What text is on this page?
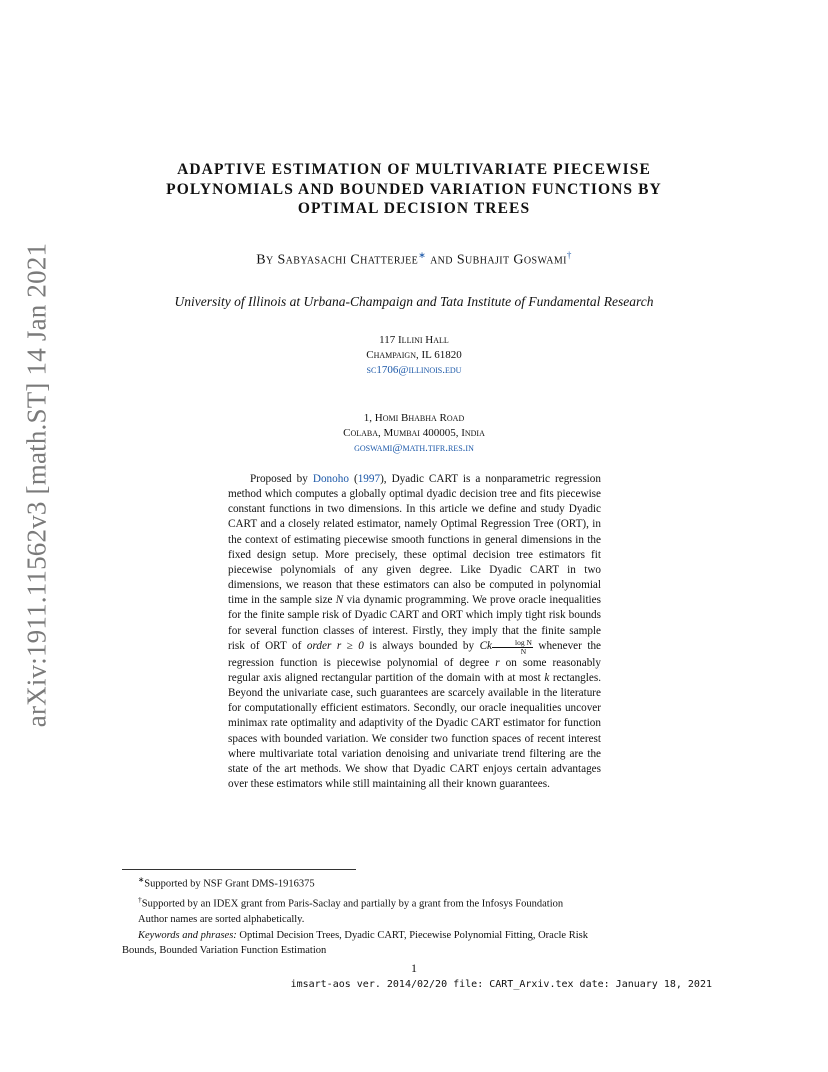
arXiv:1911.11562v3 [math.ST] 14 Jan 2021
ADAPTIVE ESTIMATION OF MULTIVARIATE PIECEWISE
POLYNOMIALS AND BOUNDED VARIATION FUNCTIONS BY
OPTIMAL DECISION TREES
By Sabyasachi Chatterjee∗ and Subhajit Goswami†
University of Illinois at Urbana-Champaign and Tata Institute of Fundamental Research
117 Illini Hall
Champaign, IL 61820
sc1706@illinois.edu
1, Homi Bhabha Road
Colaba, Mumbai 400005, India
goswami@math.tifr.res.in
Proposed by Donoho (1997), Dyadic CART is a nonparametric regression method which computes a globally optimal dyadic decision tree and fits piecewise constant functions in two dimensions. In this article we define and study Dyadic CART and a closely related estimator, namely Optimal Regression Tree (ORT), in the context of estimating piecewise smooth functions in general dimensions in the fixed design setup. More precisely, these optimal decision tree estimators fit piecewise polynomials of any given degree. Like Dyadic CART in two dimensions, we reason that these estimators can also be computed in polynomial time in the sample size N via dynamic programming. We prove oracle inequalities for the finite sample risk of Dyadic CART and ORT which imply tight risk bounds for several function classes of interest. Firstly, they imply that the finite sample risk of ORT of order r ≥ 0 is always bounded by Ck $\frac{\text{log N}}{N}$ whenever the regression function is piecewise polynomial of degree r on some reasonably regular axis aligned rectangular partition of the domain with at most k rectangles. Beyond the univariate case, such guarantees are scarcely available in the literature for computationally efficient estimators. Secondly, our oracle inequalities uncover minimax rate optimality and adaptivity of the Dyadic CART estimator for function spaces with bounded variation. We consider two function spaces of recent interest where multivariate total variation denoising and univariate trend filtering are the state of the art methods. We show that Dyadic CART enjoys certain advantages over these estimators while still maintaining all their known guarantees.
∗Supported by NSF Grant DMS-1916375
†Supported by an IDEX grant from Paris-Saclay and partially by a grant from the Infosys Foundation
Author names are sorted alphabetically.
Keywords and phrases: Optimal Decision Trees, Dyadic CART, Piecewise Polynomial Fitting, Oracle Risk
Bounds, Bounded Variation Function Estimation
1
imsart-aos ver. 2014/02/20 file: CART_Arxiv.tex date: January 18, 2021
